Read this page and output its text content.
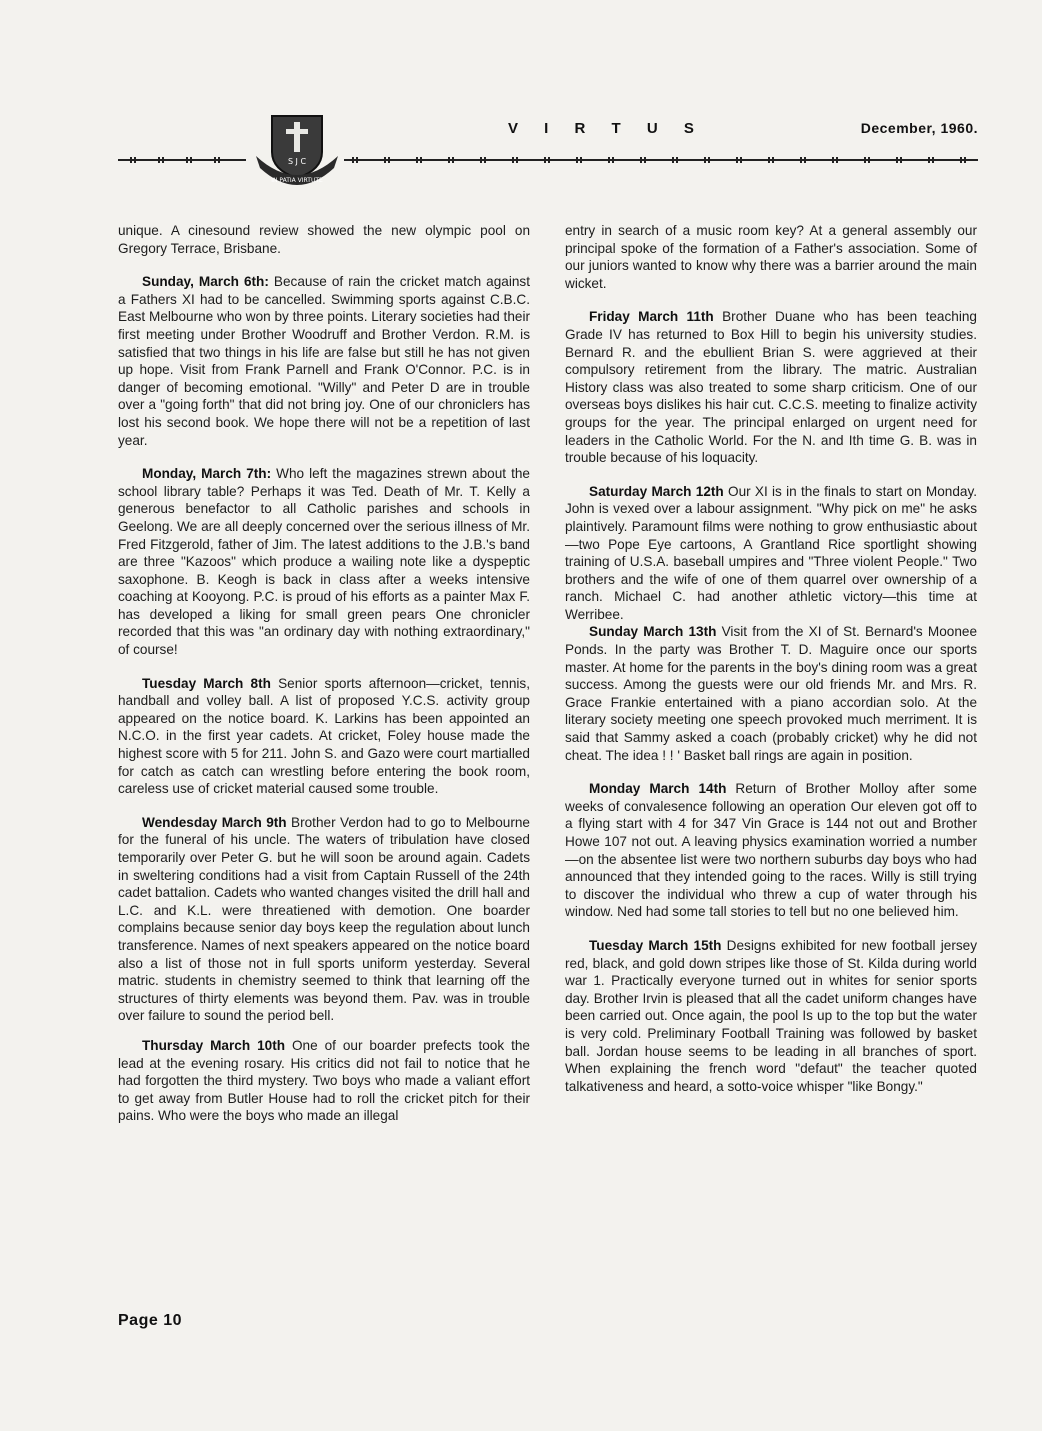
S J C
IN PATIA VIRTUTE
V I R T U S	December, 1960.

unique. A cinesound review showed the new olympic pool on Gregory Terrace, Brisbane.

Sunday, March 6th: Because of rain the cricket match against a Fathers XI had to be cancelled. Swimming sports against C.B.C. East Melbourne who won by three points. Literary societies had their first meeting under Brother Woodruff and Brother Verdon. R.M. is satisfied that two things in his life are false but still he has not given up hope. Visit from Frank Parnell and Frank O'Connor. P.C. is in danger of becoming emotional. "Willy" and Peter D are in trouble over a "going forth" that did not bring joy. One of our chroniclers has lost his second book. We hope there will not be a repetition of last year.

Monday, March 7th: Who left the magazines strewn about the school library table? Perhaps it was Ted. Death of Mr. T. Kelly a generous benefactor to all Catholic parishes and schools in Geelong. We are all deeply concerned over the serious illness of Mr. Fred Fitzgerold, father of Jim. The latest additions to the J.B.'s band are three "Kazoos" which produce a wailing note like a dyspeptic saxophone. B. Keogh is back in class after a weeks intensive coaching at Kooyong. P.C. is proud of his efforts as a painter Max F. has developed a liking for small green pears One chronicler recorded that this was "an ordinary day with nothing extraordinary," of course!

Tuesday March 8th Senior sports afternoon—cricket, tennis, handball and volley ball. A list of proposed Y.C.S. activity group appeared on the notice board. K. Larkins has been appointed an N.C.O. in the first year cadets. At cricket, Foley house made the highest score with 5 for 211. John S. and Gazo were court martialled for catch as catch can wrestling before entering the book room, careless use of cricket material caused some trouble.

Wendesday March 9th Brother Verdon had to go to Melbourne for the funeral of his uncle. The waters of tribulation have closed temporarily over Peter G. but he will soon be around again. Cadets in sweltering conditions had a visit from Captain Russell of the 24th cadet battalion. Cadets who wanted changes visited the drill hall and L.C. and K.L. were threatiened with demotion. One boarder complains because senior day boys keep the regulation about lunch transference. Names of next speakers appeared on the notice board also a list of those not in full sports uniform yesterday. Several matric. students in chemistry seemed to think that learning off the structures of thirty elements was beyond them. Pav. was in trouble over failure to sound the period bell.

Thursday March 10th One of our boarder prefects took the lead at the evening rosary. His critics did not fail to notice that he had forgotten the third mystery. Two boys who made a valiant effort to get away from Butler House had to roll the cricket pitch for their pains. Who were the boys who made an illegal

entry in search of a music room key? At a general assembly our principal spoke of the formation of a Father's association. Some of our juniors wanted to know why there was a barrier around the main wicket.

Friday March 11th Brother Duane who has been teaching Grade IV has returned to Box Hill to begin his university studies. Bernard R. and the ebullient Brian S. were aggrieved at their compulsory retirement from the library. The matric. Australian History class was also treated to some sharp criticism. One of our overseas boys dislikes his hair cut. C.C.S. meeting to finalize activity groups for the year. The principal enlarged on urgent need for leaders in the Catholic World. For the N. and Ith time G. B. was in trouble because of his loquacity.

Saturday March 12th Our XI is in the finals to start on Monday. John is vexed over a labour assignment. "Why pick on me" he asks plaintively. Paramount films were nothing to grow enthusiastic about—two Pope Eye cartoons, A Grantland Rice sportlight showing training of U.S.A. baseball umpires and "Three violent People." Two brothers and the wife of one of them quarrel over ownership of a ranch. Michael C. had another athletic victory—this time at Werribee.

Sunday March 13th Visit from the XI of St. Bernard's Moonee Ponds. In the party was Brother T. D. Maguire once our sports master. At home for the parents in the boy's dining room was a great success. Among the guests were our old friends Mr. and Mrs. R. Grace Frankie entertained with a piano accordian solo. At the literary society meeting one speech provoked much merriment. It is said that Sammy asked a coach (probably cricket) why he did not cheat. The idea ! ! ' Basket ball rings are again in position.

Monday March 14th Return of Brother Molloy after some weeks of convalesence following an operation Our eleven got off to a flying start with 4 for 347 Vin Grace is 144 not out and Brother Howe 107 not out. A leaving physics examination worried a number —on the absentee list were two northern suburbs day boys who had announced that they intended going to the races. Willy is still trying to discover the individual who threw a cup of water through his window. Ned had some tall stories to tell but no one believed him.

Tuesday March 15th Designs exhibited for new football jersey red, black, and gold down stripes like those of St. Kilda during world war 1. Practically everyone turned out in whites for senior sports day. Brother Irvin is pleased that all the cadet uniform changes have been carried out. Once again, the pool Is up to the top but the water is very cold. Preliminary Football Training was followed by basket ball. Jordan house seems to be leading in all branches of sport. When explaining the french word "defaut" the teacher quoted talkativeness and heard, a sotto-voice whisper "like Bongy."

Page 10
